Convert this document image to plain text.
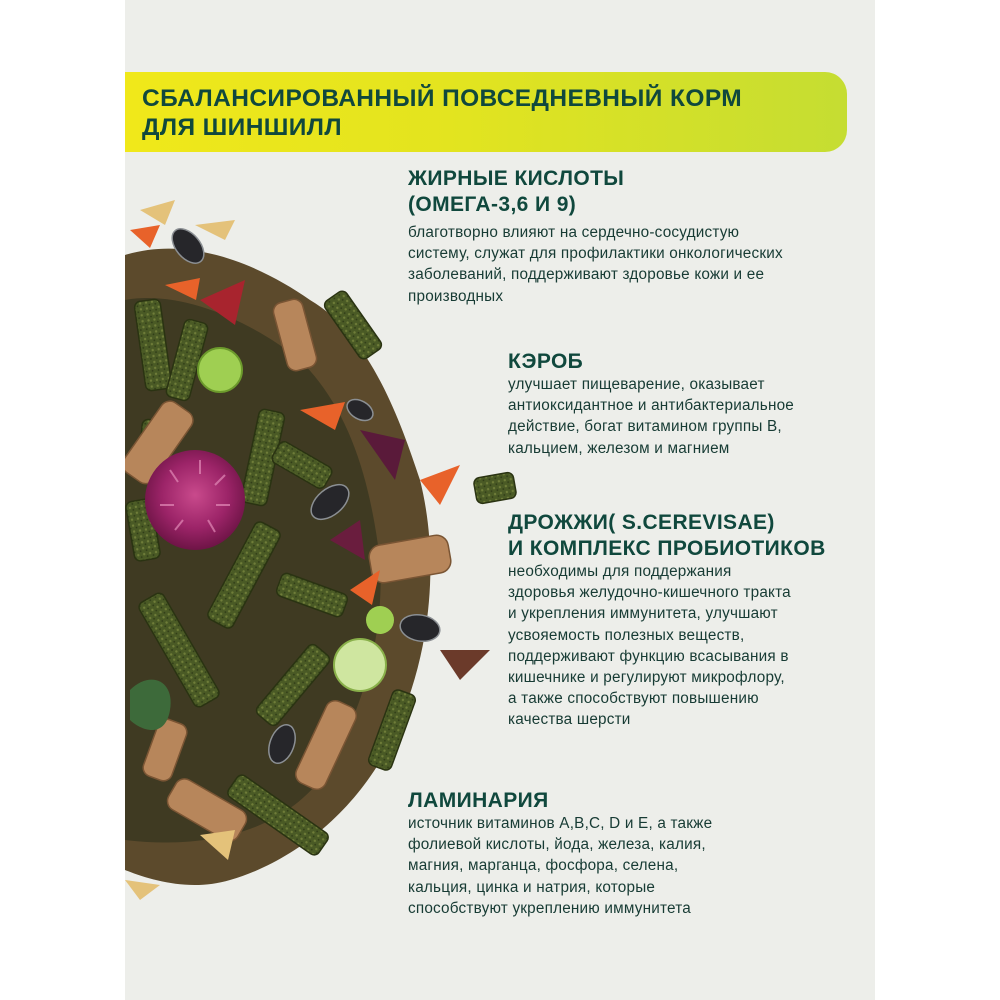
СБАЛАНСИРОВАННЫЙ ПОВСЕДНЕВНЫЙ КОРМ
ДЛЯ ШИНШИЛЛ
ЖИРНЫЕ КИСЛОТЫ
(ОМЕГА-3,6 И 9)

благотворно влияют на сердечно-сосудистую
систему, служат для профилактики онкологических
заболеваний, поддерживают здоровье кожи и ее
производных

КЭРОБ

улучшает пищеварение, оказывает
антиоксидантное и антибактериальное
действие, богат витамином группы В,
кальцием, железом и магнием

ДРОЖЖИ( S.CEREVISAE)
И КОМПЛЕКС ПРОБИОТИКОВ

необходимы для поддержания
здоровья желудочно-кишечного тракта
и укрепления иммунитета, улучшают
усвояемость полезных веществ,
поддерживают функцию всасывания в
кишечнике и регулируют микрофлору,
а также способствуют повышению
качества шерсти

ЛАМИНАРИЯ

источник витаминов А,В,С, D и Е, а также
фолиевой кислоты, йода, железа, калия,
магния, марганца, фосфора, селена,
кальция, цинка и натрия, которые
способствуют укреплению иммунитета
